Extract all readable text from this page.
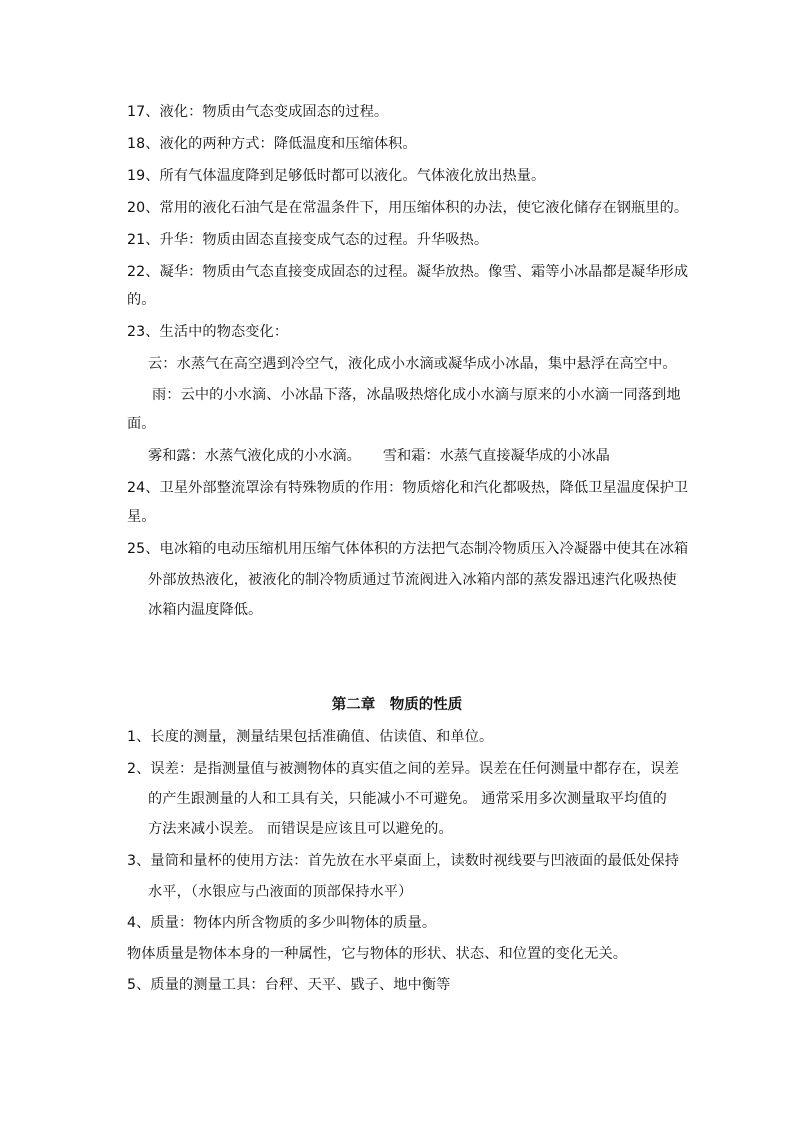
17、液化：物质由气态变成固态的过程。
18、液化的两种方式：降低温度和压缩体积。
19、所有气体温度降到足够低时都可以液化。气体液化放出热量。
20、常用的液化石油气是在常温条件下，用压缩体积的办法，使它液化储存在钢瓶里的。
21、升华：物质由固态直接变成气态的过程。升华吸热。
22、凝华：物质由气态直接变成固态的过程。凝华放热。像雪、霜等小冰晶都是凝华形成
的。
23、生活中的物态变化：
云：水蒸气在高空遇到冷空气，液化成小水滴或凝华成小冰晶，集中悬浮在高空中。
雨：云中的小水滴、小冰晶下落，冰晶吸热熔化成小水滴与原来的小水滴一同落到地
面。
雾和露：水蒸气液化成的小水滴。 雪和霜：水蒸气直接凝华成的小冰晶
24、卫星外部整流罩涂有特殊物质的作用：物质熔化和汽化都吸热，降低卫星温度保护卫
星。
25、电冰箱的电动压缩机用压缩气体体积的方法把气态制冷物质压入冷凝器中使其在冰箱
外部放热液化，被液化的制冷物质通过节流阀进入冰箱内部的蒸发器迅速汽化吸热使
冰箱内温度降低。
第二章　物质的性质
1、长度的测量，测量结果包括准确值、估读值、和单位。
2、误差：是指测量值与被测物体的真实值之间的差异。误差在任何测量中都存在，误差
的产生跟测量的人和工具有关，只能减小不可避免。 通常采用多次测量取平均值的
方法来减小误差。 而错误是应该且可以避免的。
3、量筒和量杯的使用方法：首先放在水平桌面上，读数时视线要与凹液面的最低处保持
水平，（水银应与凸液面的顶部保持水平）
4、质量：物体内所含物质的多少叫物体的质量。
物体质量是物体本身的一种属性，它与物体的形状、状态、和位置的变化无关。
5、质量的测量工具：台秤、天平、戥子、地中衡等
